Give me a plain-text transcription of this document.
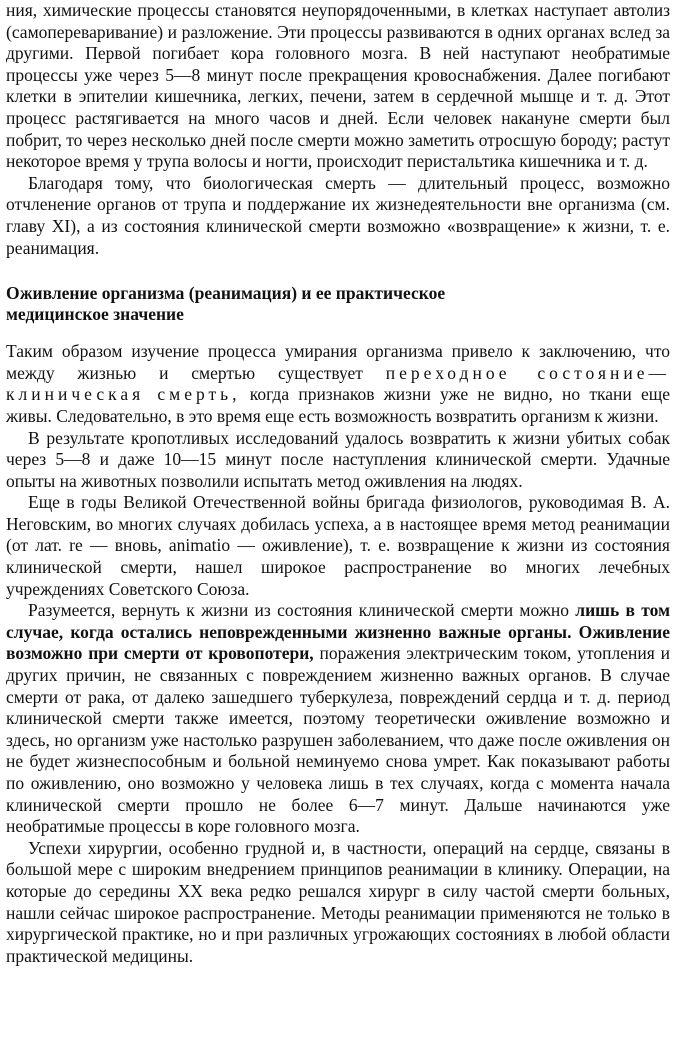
ния, химические процессы становятся неупорядоченными, в клетках наступает автолиз (самопереваривание) и разложение. Эти процессы развиваются в одних органах вслед за другими. Первой погибает кора головного мозга. В ней наступают необратимые процессы уже через 5—8 минут после прекращения кровоснабжения. Далее погибают клетки в эпителии кишечника, легких, печени, затем в сердечной мышце и т. д. Этот процесс растягивается на много часов и дней. Если человек накануне смерти был побрит, то через несколько дней после смерти можно заметить отросшую бороду; растут некоторое время у трупа волосы и ногти, происходит перистальтика кишечника и т. д.

Благодаря тому, что биологическая смерть — длительный процесс, возможно отчленение органов от трупа и поддержание их жизнедеятельности вне организма (см. главу XI), а из состояния клинической смерти возможно «возвращение» к жизни, т. е. реанимация.

Оживление организма (реанимация) и ее практическое

медицинское значение

Таким образом изучение процесса умирания организма привело к заключению, что между жизнью и смертью существует переходное состояние—клиническая смерть, когда признаков жизни уже не видно, но ткани еще живы. Следовательно, в это время еще есть возможность возвратить организм к жизни.

В результате кропотливых исследований удалось возвратить к жизни убитых собак через 5—8 и даже 10—15 минут после наступления клинической смерти. Удачные опыты на животных позволили испытать метод оживления на людях.

Еще в годы Великой Отечественной войны бригада физиологов, руководимая В. А. Неговским, во многих случаях добилась успеха, а в настоящее время метод реанимации (от лат. re — вновь, animatio — оживление), т. е. возвращение к жизни из состояния клинической смерти, нашел широкое распространение во многих лечебных учреждениях Советского Союза.

Разумеется, вернуть к жизни из состояния клинической смерти можно лишь в том случае, когда остались неповрежденными жизненно важные органы. Оживление возможно при смерти от кровопотери, поражения электрическим током, утопления и других причин, не связанных с повреждением жизненно важных органов. В случае смерти от рака, от далеко зашедшего туберкулеза, повреждений сердца и т. д. период клинической смерти также имеется, поэтому теоретически оживление возможно и здесь, но организм уже настолько разрушен заболеванием, что даже после оживления он не будет жизнеспособным и больной неминуемо снова умрет. Как показывают работы по оживлению, оно возможно у человека лишь в тех случаях, когда с момента начала клинической смерти прошло не более 6—7 минут. Дальше начинаются уже необратимые процессы в коре головного мозга.

Успехи хирургии, особенно грудной и, в частности, операций на сердце, связаны в большой мере с широким внедрением принципов реанимации в клинику. Операции, на которые до середины XX века редко решался хирург в силу частой смерти больных, нашли сейчас широкое распространение. Методы реанимации применяются не только в хирургической практике, но и при различных угрожающих состояниях в любой области практической медицины.
